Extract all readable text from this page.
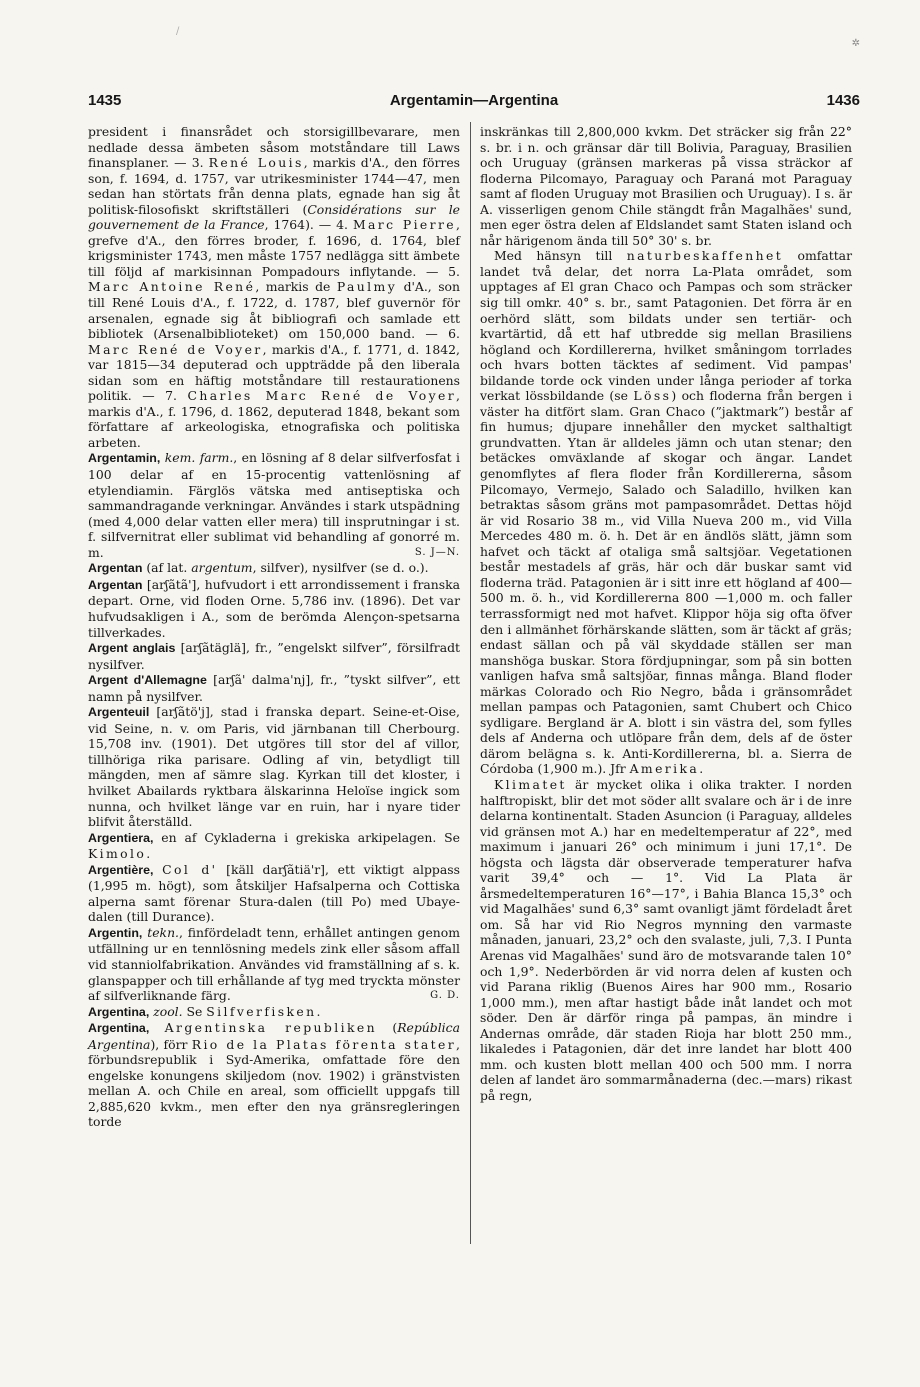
/
✲
1435	Argentamin—Argentina	1436

president i finansrådet och storsigillbevarare, men nedlade dessa ämbeten såsom motståndare till Laws finansplaner. — 3. René Louis, markis d'A., den förres son, f. 1694, d. 1757, var utrikesminister 1744—47, men sedan han störtats från denna plats, egnade han sig åt politisk-filosofiskt skriftställeri (Considérations sur le gouvernement de la France, 1764). — 4. Marc Pierre, grefve d'A., den förres broder, f. 1696, d. 1764, blef krigsminister 1743, men måste 1757 nedlägga sitt ämbete till följd af markisinnan Pompadours inflytande. — 5. Marc Antoine René, markis de Paulmy d'A., son till René Louis d'A., f. 1722, d. 1787, blef guvernör för arsenalen, egnade sig åt bibliografi och samlade ett bibliotek (Arsenalbiblioteket) om 150,000 band. — 6. Marc René de Voyer, markis d'A., f. 1771, d. 1842, var 1815—34 deputerad och uppträdde på den liberala sidan som en häftig motståndare till restaurationens politik. — 7. Charles Marc René de Voyer, markis d'A., f. 1796, d. 1862, deputerad 1848, bekant som författare af arkeologiska, etnografiska och politiska arbeten.

Argentamin, kem. farm., en lösning af 8 delar silfverfosfat i 100 delar af en 15-procentig vattenlösning af etylendiamin. Färglös vätska med antiseptiska och sammandragande verkningar. Användes i stark utspädning (med 4,000 delar vatten eller mera) till insprutningar i st. f. silfvernitrat eller sublimat vid behandling af gonorré m. m.	S. J—N.

Argentan (af lat. argentum, silfver), nysilfver (se d. o.).

Argentan [arʃãtã'], hufvudort i ett arrondissement i franska depart. Orne, vid floden Orne. 5,786 inv. (1896). Det var hufvudsakligen i A., som de berömda Alençon-spetsarna tillverkades.

Argent anglais [arʃãtäglä], fr., ”engelskt silfver”, försilfradt nysilfver.

Argent d'Allemagne [arʃã' dalma'nj], fr., ”tyskt silfver”, ett namn på nysilfver.

Argenteuil [arʃãtö'j], stad i franska depart. Seine-et-Oise, vid Seine, n. v. om Paris, vid järnbanan till Cherbourg. 15,708 inv. (1901). Det utgöres till stor del af villor, tillhöriga rika parisare. Odling af vin, betydligt till mängden, men af sämre slag. Kyrkan till det kloster, i hvilket Abailards ryktbara älskarinna Heloïse ingick som nunna, och hvilket länge var en ruin, har i nyare tider blifvit återställd.

Argentiera, en af Cykladerna i grekiska arkipelagen. Se Kimolo.

Argentière, Col d' [käll darʃãtiä'r], ett viktigt alppass (1,995 m. högt), som åtskiljer Hafsalperna och Cottiska alperna samt förenar Stura-dalen (till Po) med Ubaye-dalen (till Durance).

Argentin, tekn., finfördeladt tenn, erhållet antingen genom utfällning ur en tennlösning medels zink eller såsom affall vid stanniolfabrikation. Användes vid framställning af s. k. glanspapper och till erhållande af tyg med tryckta mönster af silfverliknande färg.	G. D.

Argentina, zool. Se Silfverfisken.

Argentina, Argentinska republiken (República Argentina), förr Rio de la Platas förenta stater, förbundsrepublik i Syd-Amerika, omfattade före den engelske konungens skiljedom (nov. 1902) i gränstvisten mellan A. och Chile en areal, som officiellt uppgafs till 2,885,620 kvkm., men efter den nya gränsregleringen torde

inskränkas till 2,800,000 kvkm. Det sträcker sig från 22° s. br. i n. och gränsar där till Bolivia, Paraguay, Brasilien och Uruguay (gränsen markeras på vissa sträckor af floderna Pilcomayo, Paraguay och Paraná mot Paraguay samt af floden Uruguay mot Brasilien och Uruguay). I s. är A. visserligen genom Chile stängdt från Magalhães' sund, men eger östra delen af Eldslandet samt Staten island och når härigenom ända till 50° 30' s. br.

Med hänsyn till naturbeskaffenhet omfattar landet två delar, det norra La-Plata området, som upptages af El gran Chaco och Pampas och som sträcker sig till omkr. 40° s. br., samt Patagonien. Det förra är en oerhörd slätt, som bildats under sen tertiär- och kvartärtid, då ett haf utbredde sig mellan Brasiliens högland och Kordillererna, hvilket småningom torrlades och hvars botten täcktes af sediment. Vid pampas' bildande torde ock vinden under långa perioder af torka verkat lössbildande (se Löss) och floderna från bergen i väster ha ditfört slam. Gran Chaco (”jaktmark”) består af fin humus; djupare innehåller den mycket salthaltigt grundvatten. Ytan är alldeles jämn och utan stenar; den betäckes omväxlande af skogar och ängar. Landet genomflytes af flera floder från Kordillererna, såsom Pilcomayo, Vermejo, Salado och Saladillo, hvilken kan betraktas såsom gräns mot pampasområdet. Dettas höjd är vid Rosario 38 m., vid Villa Nueva 200 m., vid Villa Mercedes 480 m. ö. h. Det är en ändlös slätt, jämn som hafvet och täckt af otaliga små saltsjöar. Vegetationen består mestadels af gräs, här och där buskar samt vid floderna träd. Patagonien är i sitt inre ett högland af 400—500 m. ö. h., vid Kordillererna 800 —1,000 m. och faller terrassformigt ned mot hafvet. Klippor höja sig ofta öfver den i allmänhet förhärskande slätten, som är täckt af gräs; endast sällan och på väl skyddade ställen ser man manshöga buskar. Stora fördjupningar, som på sin botten vanligen hafva små saltsjöar, finnas många. Bland floder märkas Colorado och Rio Negro, båda i gränsområdet mellan pampas och Patagonien, samt Chubert och Chico sydligare. Bergland är A. blott i sin västra del, som fylles dels af Anderna och utlöpare från dem, dels af de öster därom belägna s. k. Anti-Kordillererna, bl. a. Sierra de Córdoba (1,900 m.). Jfr Amerika.

Klimatet är mycket olika i olika trakter. I norden halftropiskt, blir det mot söder allt svalare och är i de inre delarna kontinentalt. Staden Asuncion (i Paraguay, alldeles vid gränsen mot A.) har en medeltemperatur af 22°, med maximum i januari 26° och minimum i juni 17,1°. De högsta och lägsta där observerade temperaturer hafva varit 39,4° och — 1°. Vid La Plata är årsmedeltemperaturen 16°—17°, i Bahia Blanca 15,3° och vid Magalhães' sund 6,3° samt ovanligt jämt fördeladt året om. Så har vid Rio Negros mynning den varmaste månaden, januari, 23,2° och den svalaste, juli, 7,3. I Punta Arenas vid Magalhães' sund äro de motsvarande talen 10° och 1,9°. Nederbörden är vid norra delen af kusten och vid Parana riklig (Buenos Aires har 900 mm., Rosario 1,000 mm.), men aftar hastigt både inåt landet och mot söder. Den är därför ringa på pampas, än mindre i Andernas område, där staden Rioja har blott 250 mm., likaledes i Patagonien, där det inre landet har blott 400 mm. och kusten blott mellan 400 och 500 mm. I norra delen af landet äro sommarmånaderna (dec.—mars) rikast på regn,
